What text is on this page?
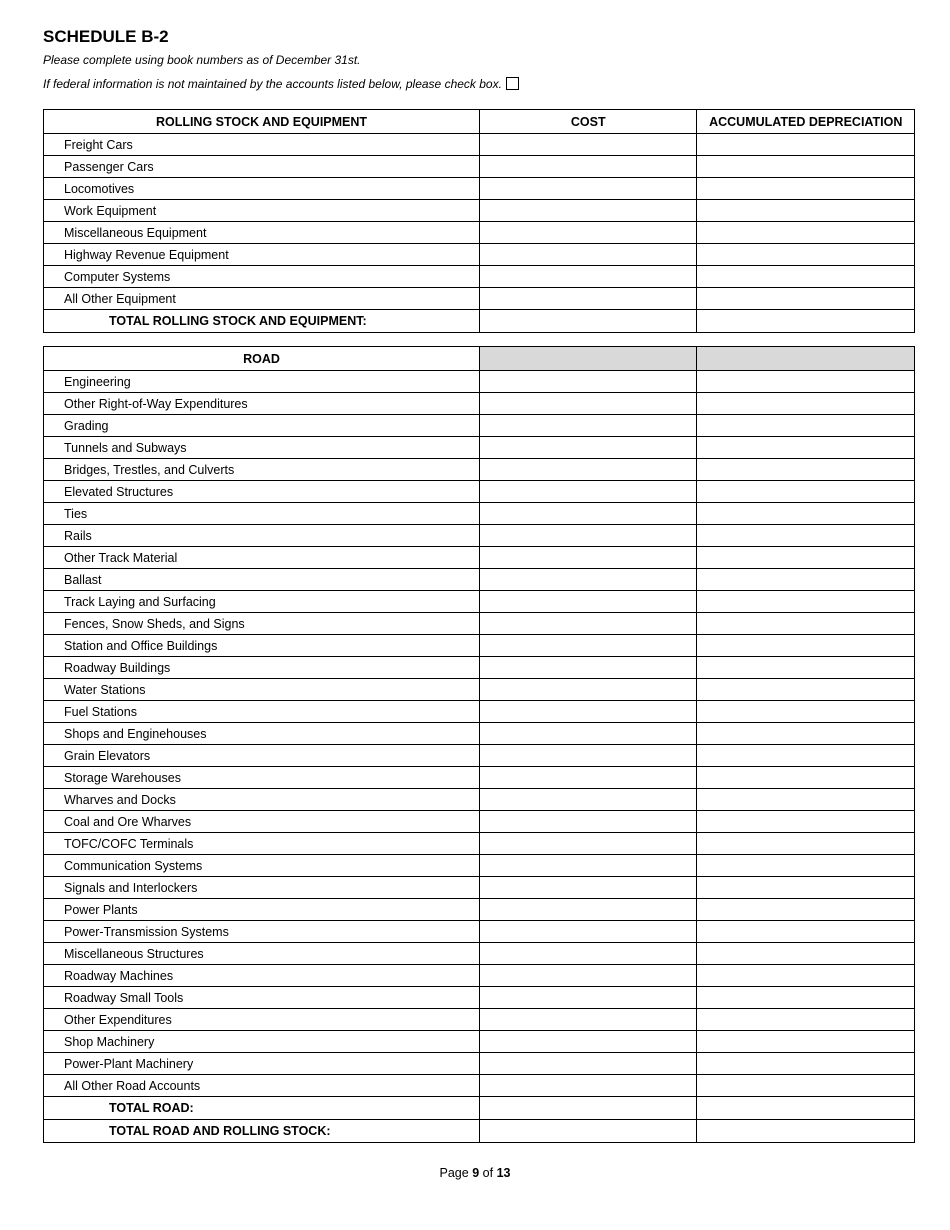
SCHEDULE B-2

Please complete using book numbers as of December 31st.

If federal information is not maintained by the accounts listed below, please check box.

ROLLING STOCK AND EQUIPMENT	COST	ACCUMULATED DEPRECIATION
Freight Cars		
Passenger Cars		
Locomotives		
Work Equipment		
Miscellaneous Equipment		
Highway Revenue Equipment		
Computer Systems		
All Other Equipment		
TOTAL ROLLING STOCK AND EQUIPMENT:		
ROAD		
Engineering		
Other Right-of-Way Expenditures		
Grading		
Tunnels and Subways		
Bridges, Trestles, and Culverts		
Elevated Structures		
Ties		
Rails		
Other Track Material		
Ballast		
Track Laying and Surfacing		
Fences, Snow Sheds, and Signs		
Station and Office Buildings		
Roadway Buildings		
Water Stations		
Fuel Stations		
Shops and Enginehouses		
Grain Elevators		
Storage Warehouses		
Wharves and Docks		
Coal and Ore Wharves		
TOFC/COFC Terminals		
Communication Systems		
Signals and Interlockers		
Power Plants		
Power-Transmission Systems		
Miscellaneous Structures		
Roadway Machines		
Roadway Small Tools		
Other Expenditures		
Shop Machinery		
Power-Plant Machinery		
All Other Road Accounts		
TOTAL ROAD:		
TOTAL ROAD AND ROLLING STOCK:		

Page 9 of 13
